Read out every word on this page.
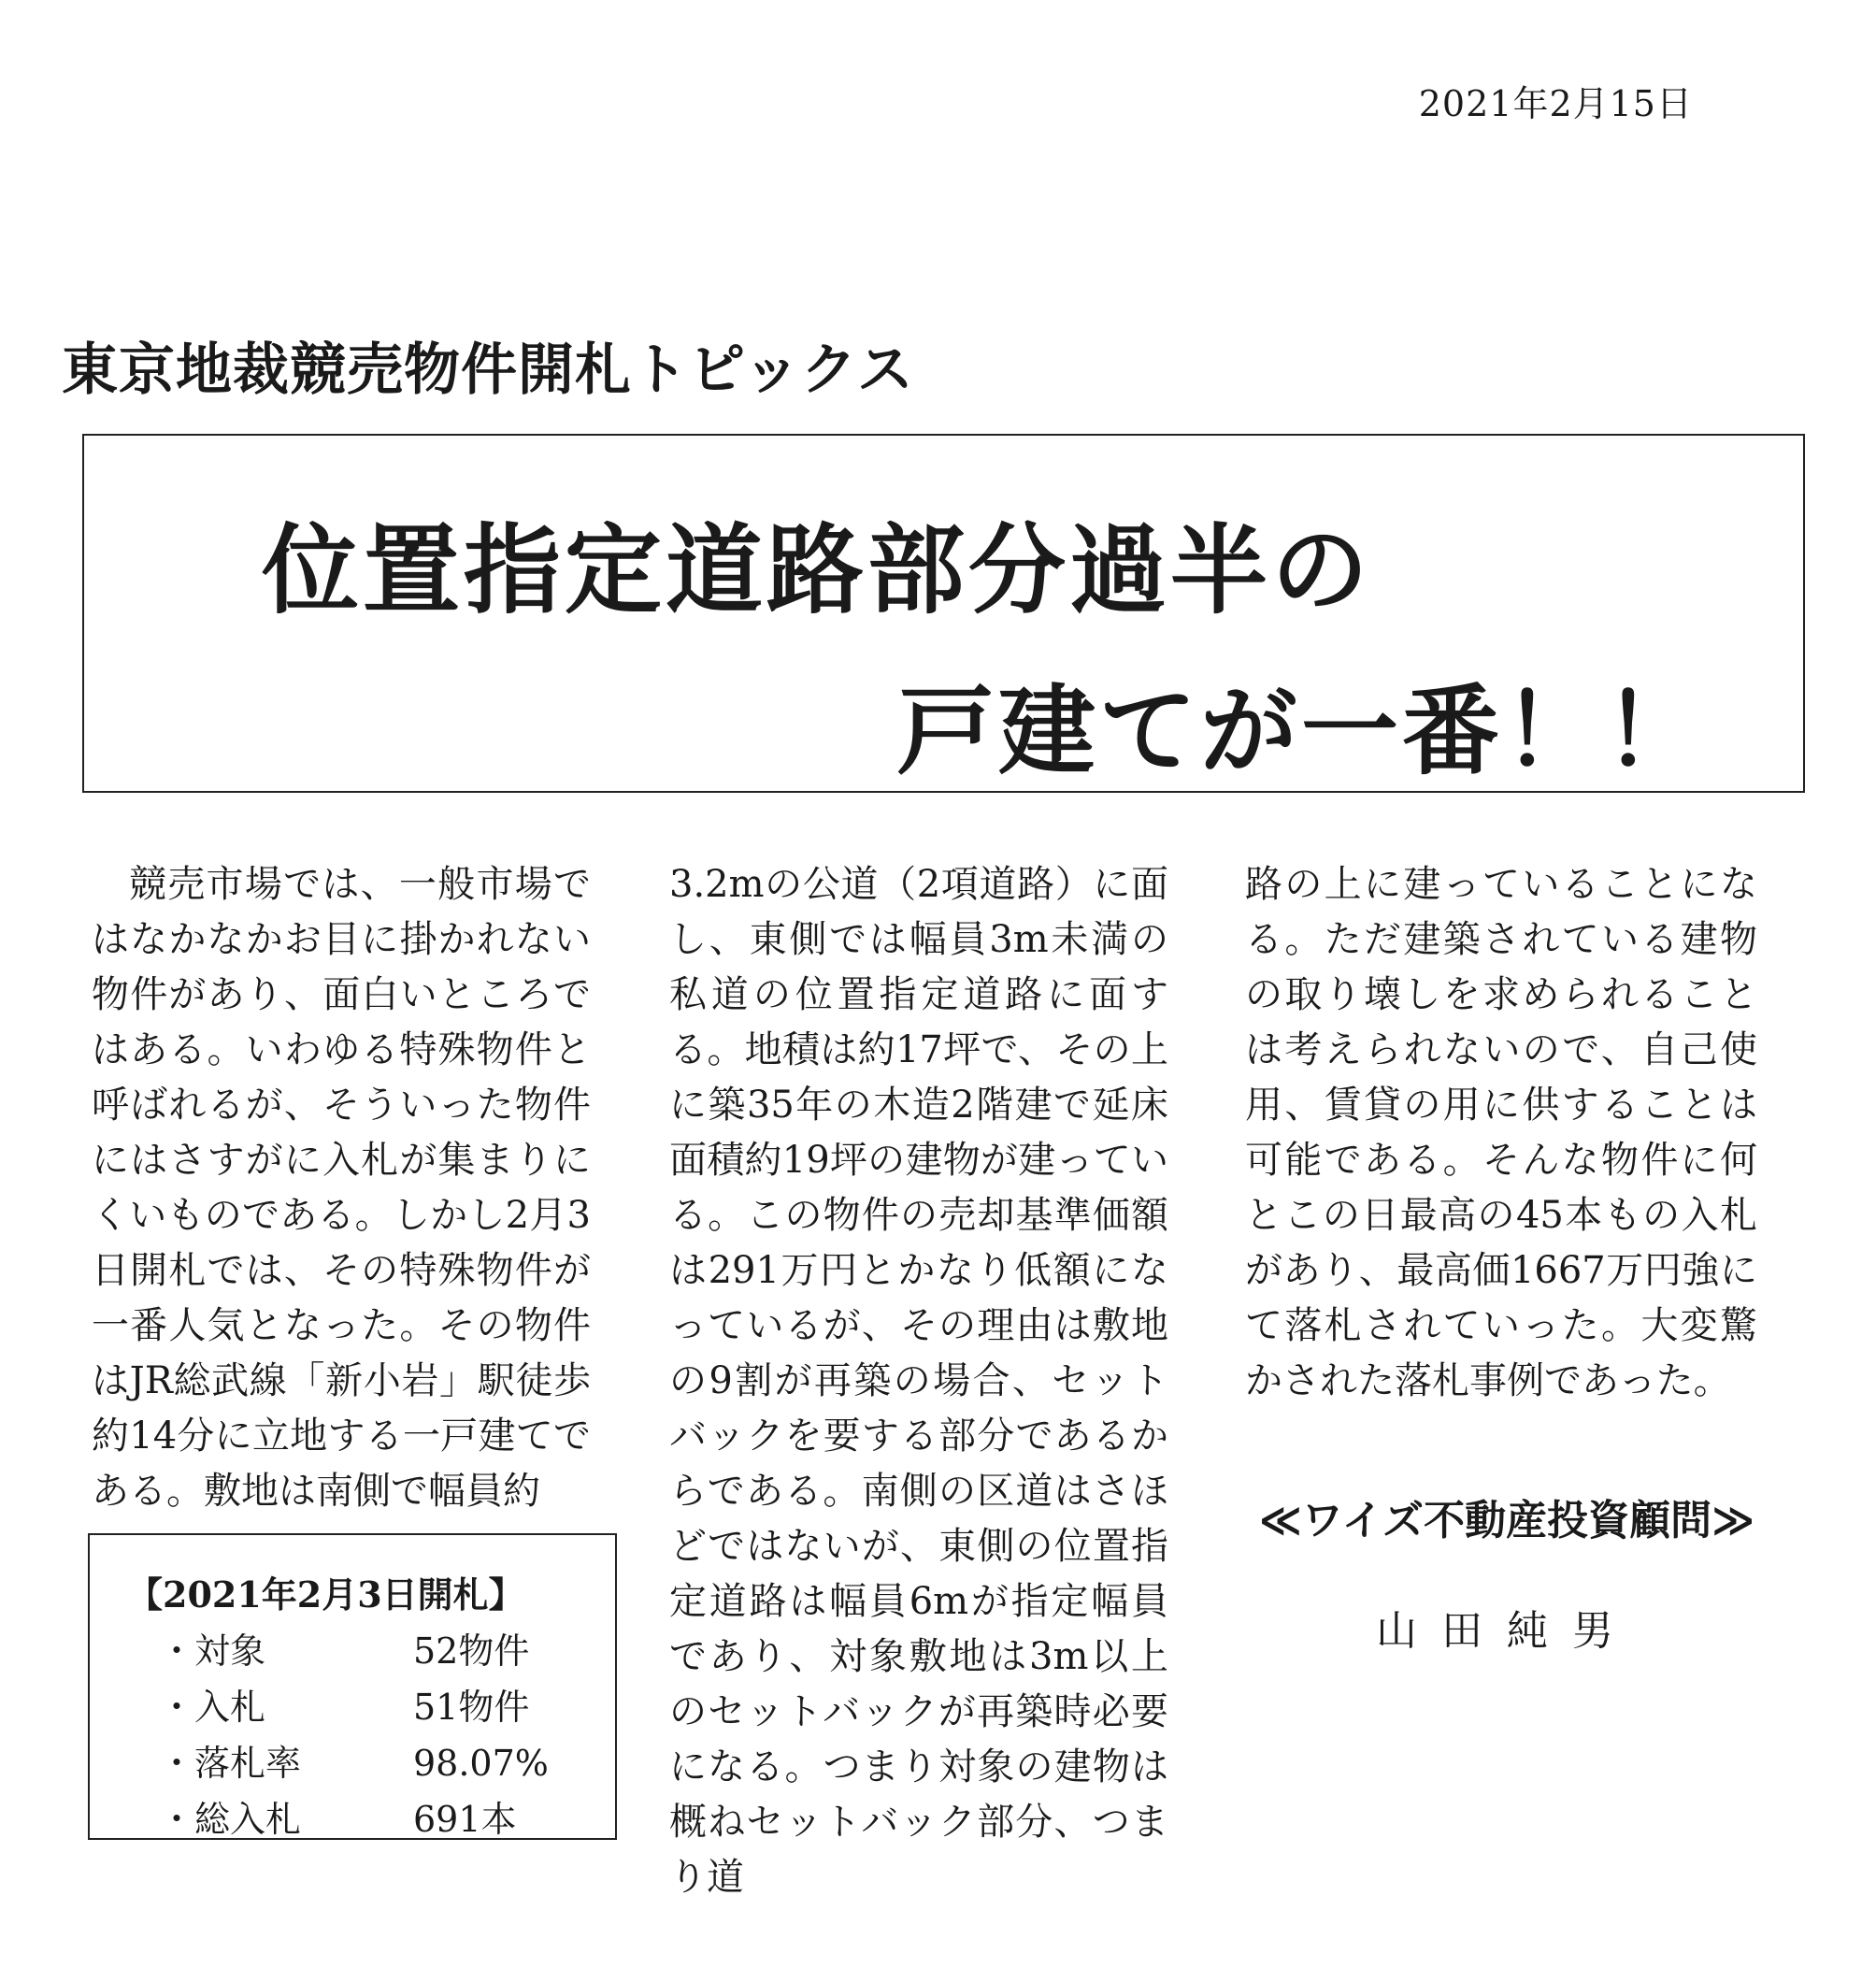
2021年2月15日
東京地裁競売物件開札トピックス
位置指定道路部分過半の
戸建てが一番！！

競売市場では、一般市場ではなかなかお目に掛かれない物件があり、面白いところではある。いわゆる特殊物件と呼ばれるが、そういった物件にはさすがに入札が集まりにくいものである。しかし2月3日開札では、その特殊物件が一番人気となった。その物件はJR総武線「新小岩」駅徒歩約14分に立地する一戸建てである。敷地は南側で幅員約

3.2mの公道（2項道路）に面し、東側では幅員3m未満の私道の位置指定道路に面する。地積は約17坪で、その上に築35年の木造2階建で延床面積約19坪の建物が建っている。この物件の売却基準価額は291万円とかなり低額になっているが、その理由は敷地の9割が再築の場合、セットバックを要する部分であるからである。南側の区道はさほどではないが、東側の位置指定道路は幅員6mが指定幅員であり、対象敷地は3m以上のセットバックが再築時必要になる。つまり対象の建物は概ねセットバック部分、つまり道

路の上に建っていることになる。ただ建築されている建物の取り壊しを求められることは考えられないので、自己使用、賃貸の用に供することは可能である。そんな物件に何とこの日最高の45本もの入札があり、最高価1667万円強にて落札されていった。大変驚かされた落札事例であった。

【2021年2月3日開札】
・対象	52物件
・入札	51物件
・落札率	98.07%
・総入札	691本
≪ワイズ不動産投資顧問≫
山田純男
